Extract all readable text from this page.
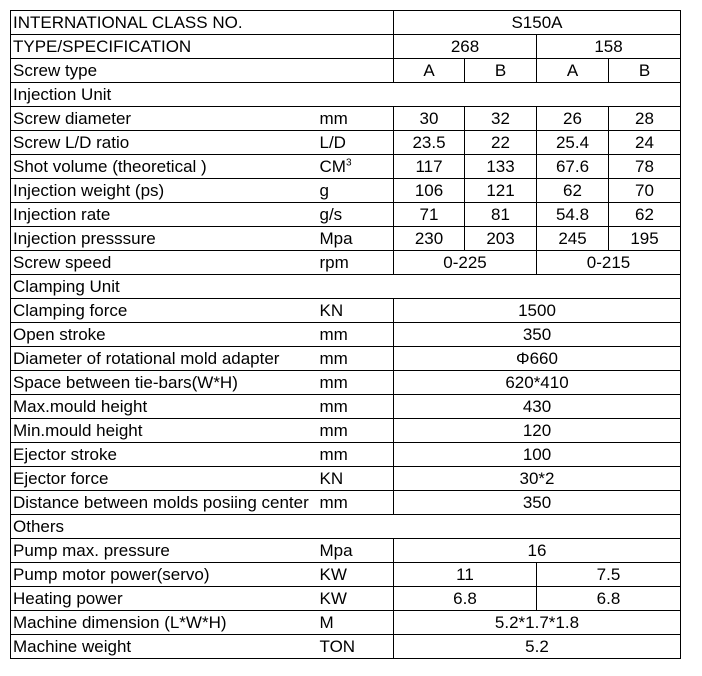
INTERNATIONAL CLASS NO.		S150A			
TYPE/SPECIFICATION		268		158	
Screw type		A	B	A	B
Injection Unit					
Screw diameter	mm	30	32	26	28
Screw L/D ratio	L/D	23.5	22	25.4	24
Shot volume (theoretical )	$CM^3$	117	133	67.6	78
Injection weight (ps)	g	106	121	62	70
Injection rate	g/s	71	81	54.8	62
Injection presssure	Mpa	230	203	245	195
Screw speed	rpm	0-225		0-215	
Clamping Unit					
Clamping force	KN	1500			
Open stroke	mm	350			
Diameter of rotational mold adapter	mm	Φ660			
Space between tie-bars(W*H)	mm	620*410			
Max.mould height	mm	430			
Min.mould height	mm	120			
Ejector stroke	mm	100			
Ejector force	KN	30*2			
Distance between molds posiing center	mm	350			
Others					
Pump max. pressure	Mpa	16			
Pump motor power(servo)	KW	11		7.5	
Heating power	KW	6.8		6.8	
Machine dimension (L*W*H)	M	5.2*1.7*1.8			
Machine weight	TON	5.2			
